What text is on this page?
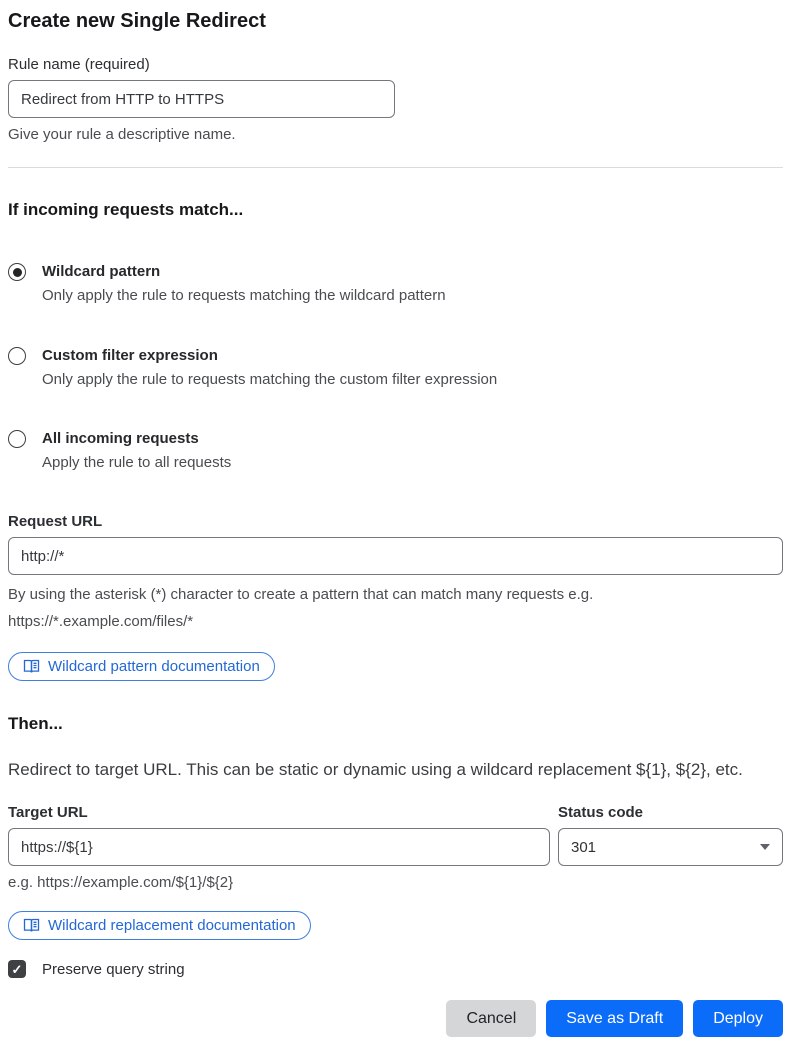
Create new Single Redirect
Rule name (required)
Redirect from HTTP to HTTPS
Give your rule a descriptive name.
If incoming requests match...
Wildcard pattern
Only apply the rule to requests matching the wildcard pattern
Custom filter expression
Only apply the rule to requests matching the custom filter expression
All incoming requests
Apply the rule to all requests
Request URL
http://*
By using the asterisk (*) character to create a pattern that can match many requests e.g.
https://*.example.com/files/*
Wildcard pattern documentation
Then...

Redirect to target URL. This can be static or dynamic using a wildcard replacement ${1}, ${2}, etc.

Target URL
https://${1}
e.g. https://example.com/${1}/${2}
Status code
301
Wildcard replacement documentation
✓ Preserve query string
Cancel	Save as Draft	Deploy
